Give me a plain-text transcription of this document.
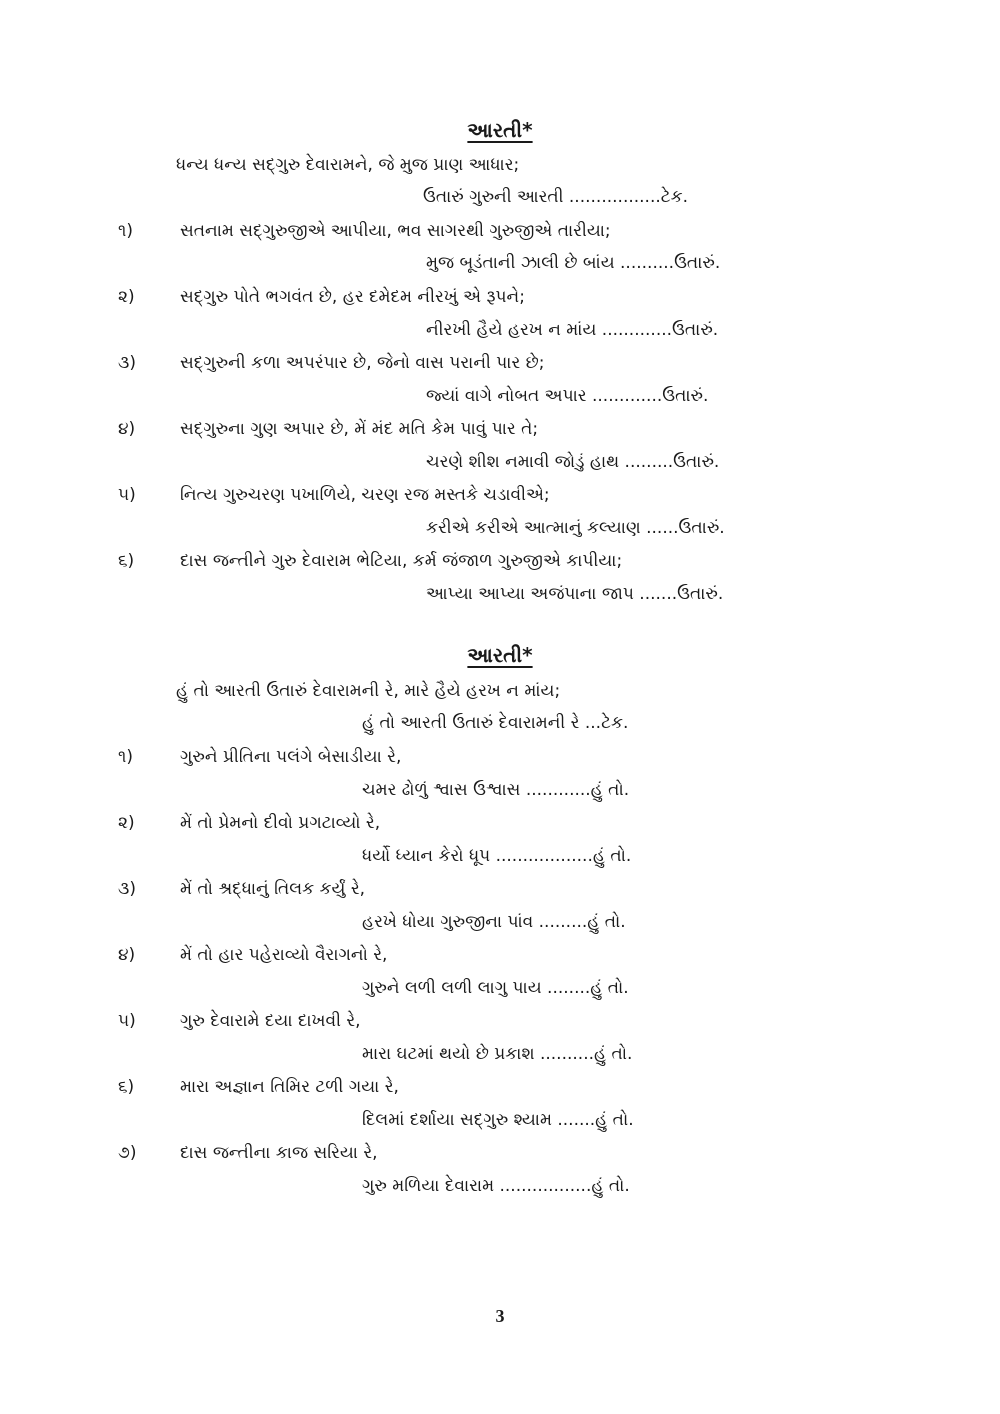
આરતી*
ધન્ય ધન્ય સદ્‌ગુરુ દેવારામને, જે મુજ પ્રાણ આધાર;
ઉતારું ગુરુની આરતી .................ટેક.
૧)	સતનામ સદ્‌ગુરુજીએ આપીયા, ભવ સાગરથી ગુરુજીએ તારીયા;
મુજ બૂડંતાની ઝાલી છે બાંય ..........ઉતારું.
૨)	સદ્‌ગુરુ પોતે ભગવંત છે, હર દમેદમ નીરખું એ રૂપને;
નીરખી હૈયે હરખ ન માંય .............ઉતારું.
૩)	સદ્‌ગુરુની કળા અપરંપાર છે, જેનો વાસ પરાની પાર છે;
જ્યાં વાગે નોબત અપાર .............ઉતારું.
૪)	સદ્‌ગુરુના ગુણ અપાર છે, મેં મંદ મતિ કેમ પાવું પાર તે;
ચરણે શીશ નમાવી જોડું હાથ .........ઉતારું.
૫)	નિત્ય ગુરુચરણ પખાળિયે, ચરણ રજ મસ્તકે ચડાવીએ;
કરીએ કરીએ આત્માનું કલ્યાણ ......ઉતારું.
૬)	દાસ જન્તીને ગુરુ દેવારામ ભેટિયા, કર્મ જંજાળ ગુરુજીએ કાપીયા;
આપ્યા આપ્યા અજંપાના જાપ .......ઉતારું.
આરતી*
હું તો આરતી ઉતારું દેવારામની રે, મારે હૈયે હરખ ન માંય;
હું તો આરતી ઉતારું દેવારામની રે ...ટેક.
૧)	ગુરુને પ્રીતિના પલંગે બેસાડીયા રે,
ચમર ઢોળું શ્વાસ ઉશ્વાસ ............હું તો.
૨)	મેં તો પ્રેમનો દીવો પ્રગટાવ્યો રે,
ધર્યો ધ્યાન કેરો ધૂપ ..................હું તો.
૩)	મેં તો શ્રદ્ધાનું તિલક કર્યું રે,
હરખે ધોયા ગુરુજીના પાંવ .........હું તો.
૪)	મેં તો હાર પહેરાવ્યો વૈરાગનો રે,
ગુરુને લળી લળી લાગુ પાય ........હું તો.
૫)	ગુરુ દેવારામે દયા દાખવી રે,
મારા ઘટમાં થયો છે પ્રકાશ ..........હું તો.
૬)	મારા અજ્ઞાન તિમિર ટળી ગયા રે,
દિલમાં દર્શાયા સદ્‌ગુરુ શ્યામ .......હું તો.
૭)	દાસ જન્તીના કાજ સરિયા રે,
ગુરુ મળિયા દેવારામ .................હું તો.
3
